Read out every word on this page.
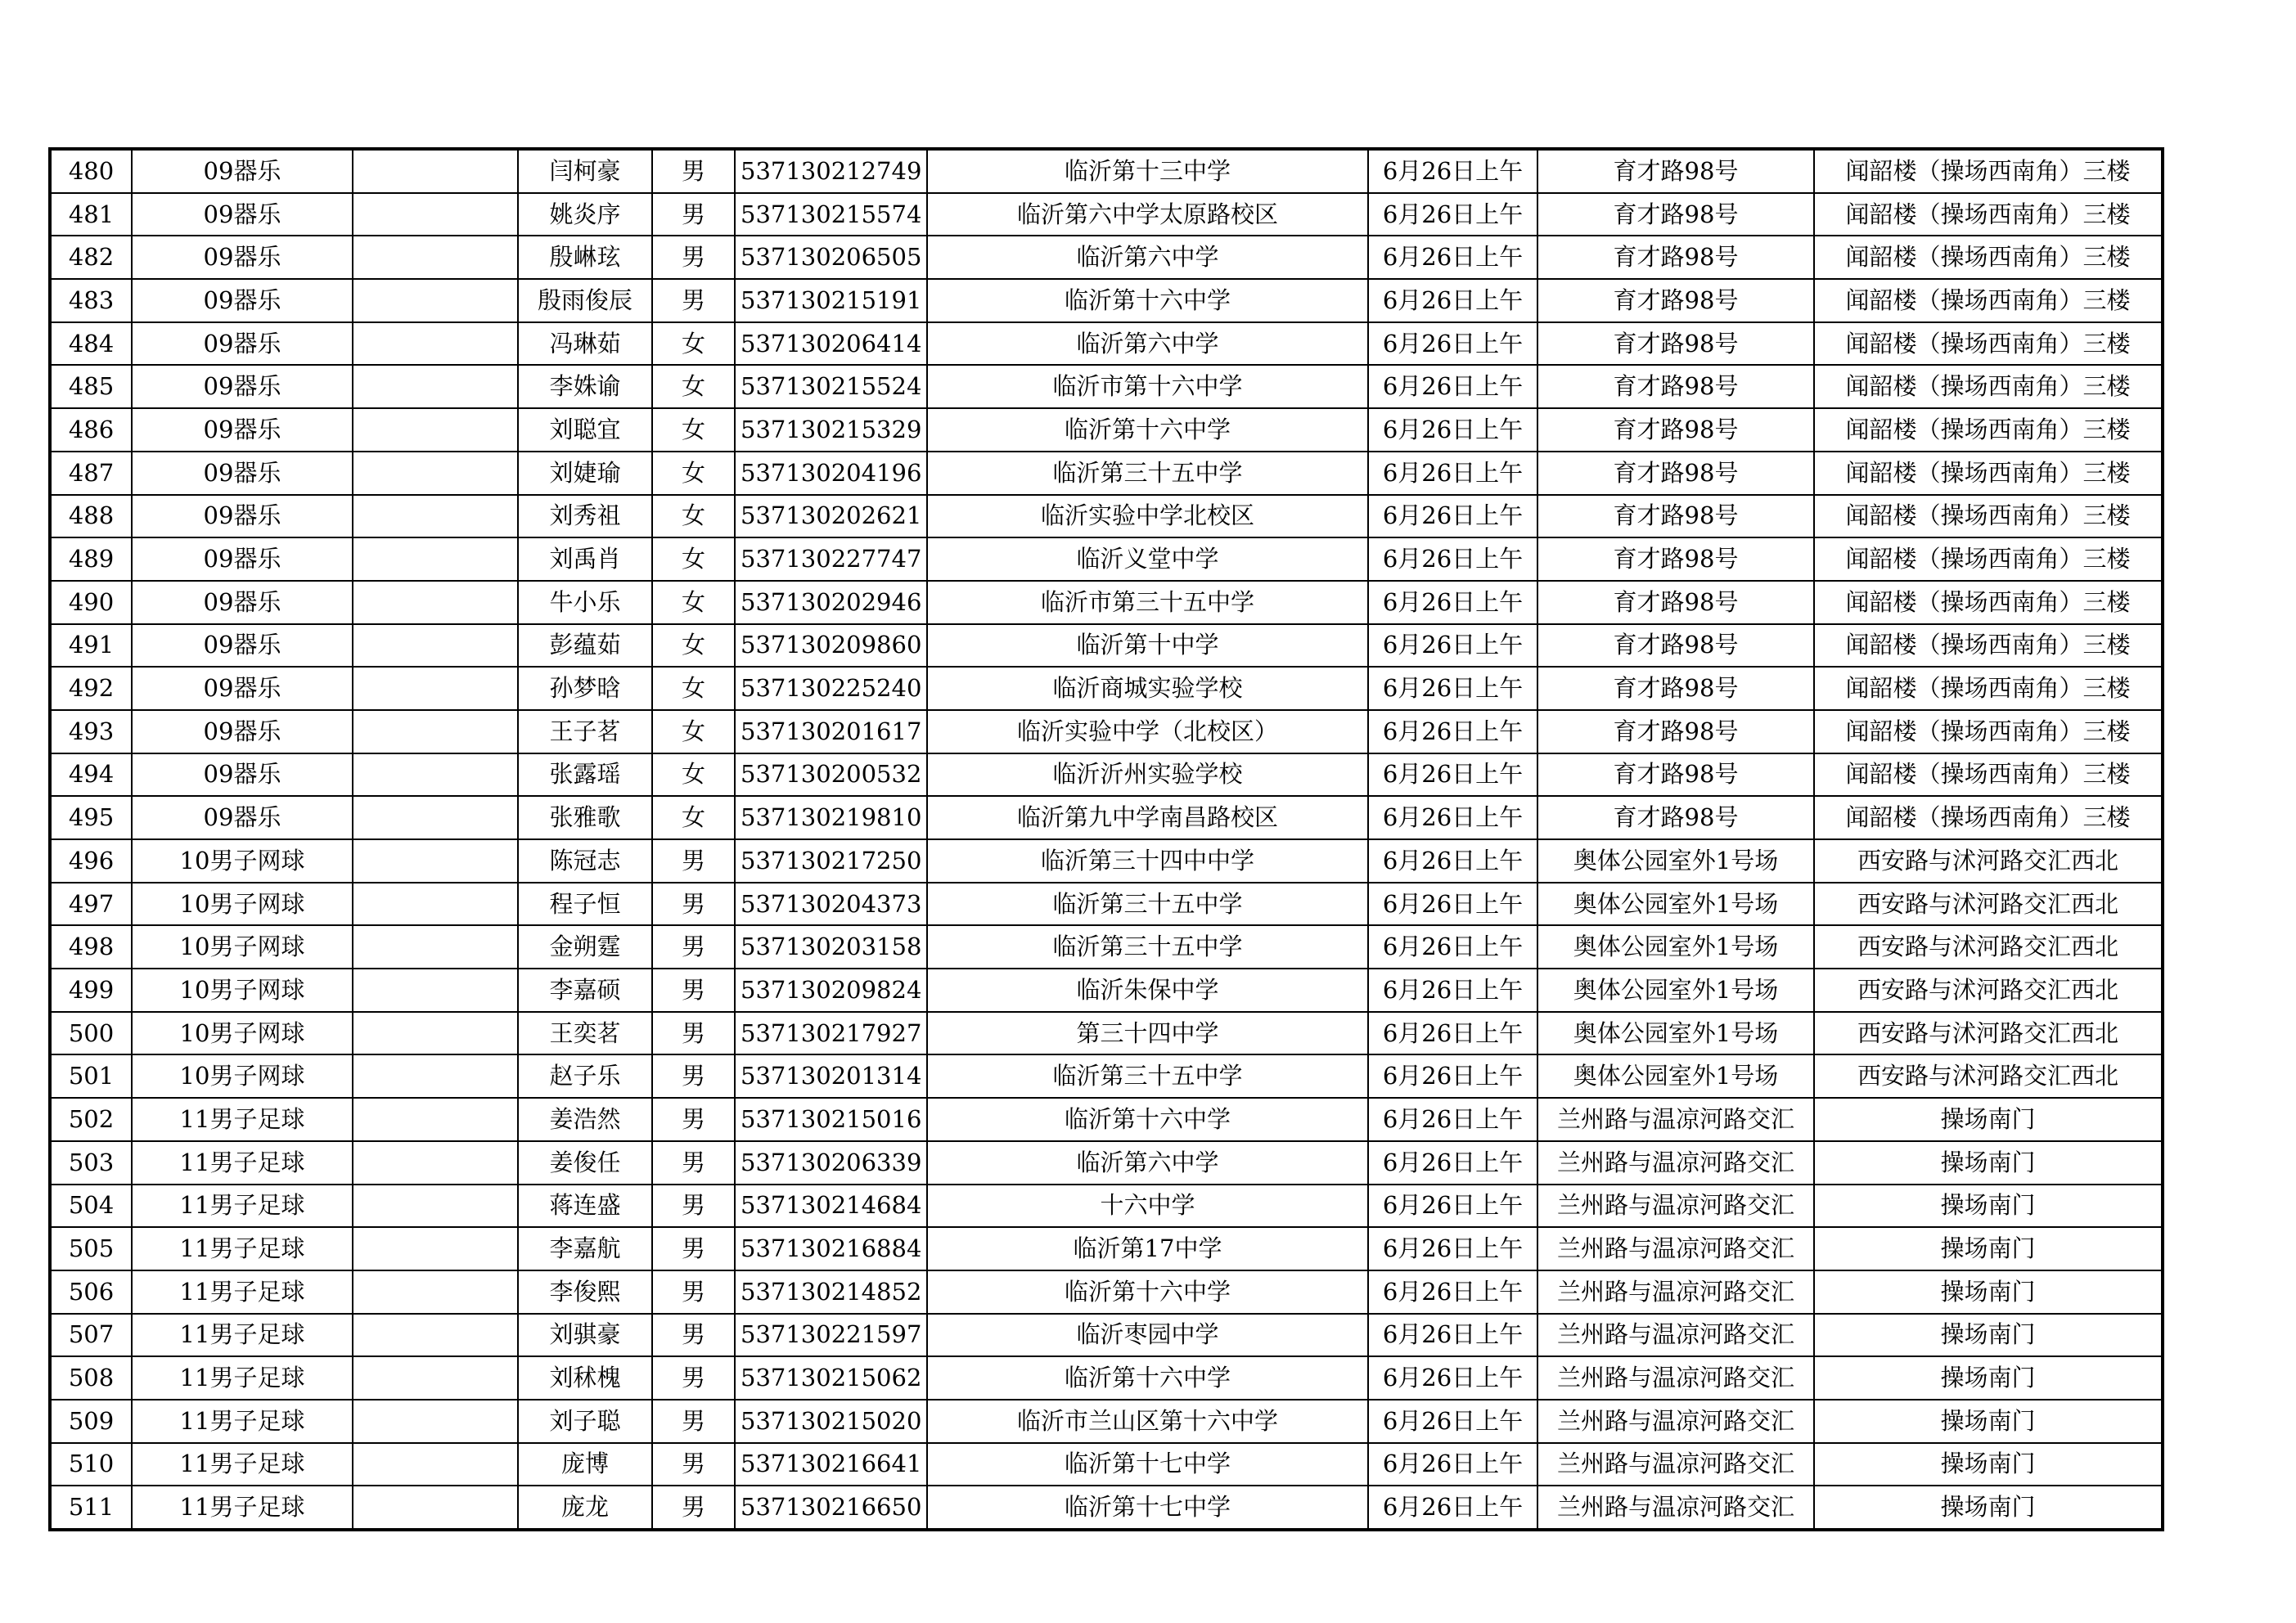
480	09器乐		闫柯豪	男	537130212749	临沂第十三中学	6月26日上午	育才路98号	闻韶楼（操场西南角）三楼
481	09器乐		姚炎序	男	537130215574	临沂第六中学太原路校区	6月26日上午	育才路98号	闻韶楼（操场西南角）三楼
482	09器乐		殷崊玹	男	537130206505	临沂第六中学	6月26日上午	育才路98号	闻韶楼（操场西南角）三楼
483	09器乐		殷雨俊辰	男	537130215191	临沂第十六中学	6月26日上午	育才路98号	闻韶楼（操场西南角）三楼
484	09器乐		冯琳茹	女	537130206414	临沂第六中学	6月26日上午	育才路98号	闻韶楼（操场西南角）三楼
485	09器乐		李姝谕	女	537130215524	临沂市第十六中学	6月26日上午	育才路98号	闻韶楼（操场西南角）三楼
486	09器乐		刘聪宜	女	537130215329	临沂第十六中学	6月26日上午	育才路98号	闻韶楼（操场西南角）三楼
487	09器乐		刘婕瑜	女	537130204196	临沂第三十五中学	6月26日上午	育才路98号	闻韶楼（操场西南角）三楼
488	09器乐		刘秀祖	女	537130202621	临沂实验中学北校区	6月26日上午	育才路98号	闻韶楼（操场西南角）三楼
489	09器乐		刘禹肖	女	537130227747	临沂义堂中学	6月26日上午	育才路98号	闻韶楼（操场西南角）三楼
490	09器乐		牛小乐	女	537130202946	临沂市第三十五中学	6月26日上午	育才路98号	闻韶楼（操场西南角）三楼
491	09器乐		彭蕴茹	女	537130209860	临沂第十中学	6月26日上午	育才路98号	闻韶楼（操场西南角）三楼
492	09器乐		孙梦晗	女	537130225240	临沂商城实验学校	6月26日上午	育才路98号	闻韶楼（操场西南角）三楼
493	09器乐		王子茗	女	537130201617	临沂实验中学（北校区）	6月26日上午	育才路98号	闻韶楼（操场西南角）三楼
494	09器乐		张露瑶	女	537130200532	临沂沂州实验学校	6月26日上午	育才路98号	闻韶楼（操场西南角）三楼
495	09器乐		张雅歌	女	537130219810	临沂第九中学南昌路校区	6月26日上午	育才路98号	闻韶楼（操场西南角）三楼
496	10男子网球		陈冠志	男	537130217250	临沂第三十四中中学	6月26日上午	奥体公园室外1号场	西安路与沭河路交汇西北
497	10男子网球		程子恒	男	537130204373	临沂第三十五中学	6月26日上午	奥体公园室外1号场	西安路与沭河路交汇西北
498	10男子网球		金朔霆	男	537130203158	临沂第三十五中学	6月26日上午	奥体公园室外1号场	西安路与沭河路交汇西北
499	10男子网球		李嘉硕	男	537130209824	临沂朱保中学	6月26日上午	奥体公园室外1号场	西安路与沭河路交汇西北
500	10男子网球		王奕茗	男	537130217927	第三十四中学	6月26日上午	奥体公园室外1号场	西安路与沭河路交汇西北
501	10男子网球		赵子乐	男	537130201314	临沂第三十五中学	6月26日上午	奥体公园室外1号场	西安路与沭河路交汇西北
502	11男子足球		姜浩然	男	537130215016	临沂第十六中学	6月26日上午	兰州路与温凉河路交汇	操场南门
503	11男子足球		姜俊任	男	537130206339	临沂第六中学	6月26日上午	兰州路与温凉河路交汇	操场南门
504	11男子足球		蒋连盛	男	537130214684	十六中学	6月26日上午	兰州路与温凉河路交汇	操场南门
505	11男子足球		李嘉航	男	537130216884	临沂第17中学	6月26日上午	兰州路与温凉河路交汇	操场南门
506	11男子足球		李俊熙	男	537130214852	临沂第十六中学	6月26日上午	兰州路与温凉河路交汇	操场南门
507	11男子足球		刘骐豪	男	537130221597	临沂枣园中学	6月26日上午	兰州路与温凉河路交汇	操场南门
508	11男子足球		刘秫槐	男	537130215062	临沂第十六中学	6月26日上午	兰州路与温凉河路交汇	操场南门
509	11男子足球		刘子聪	男	537130215020	临沂市兰山区第十六中学	6月26日上午	兰州路与温凉河路交汇	操场南门
510	11男子足球		庞博	男	537130216641	临沂第十七中学	6月26日上午	兰州路与温凉河路交汇	操场南门
511	11男子足球		庞龙	男	537130216650	临沂第十七中学	6月26日上午	兰州路与温凉河路交汇	操场南门
